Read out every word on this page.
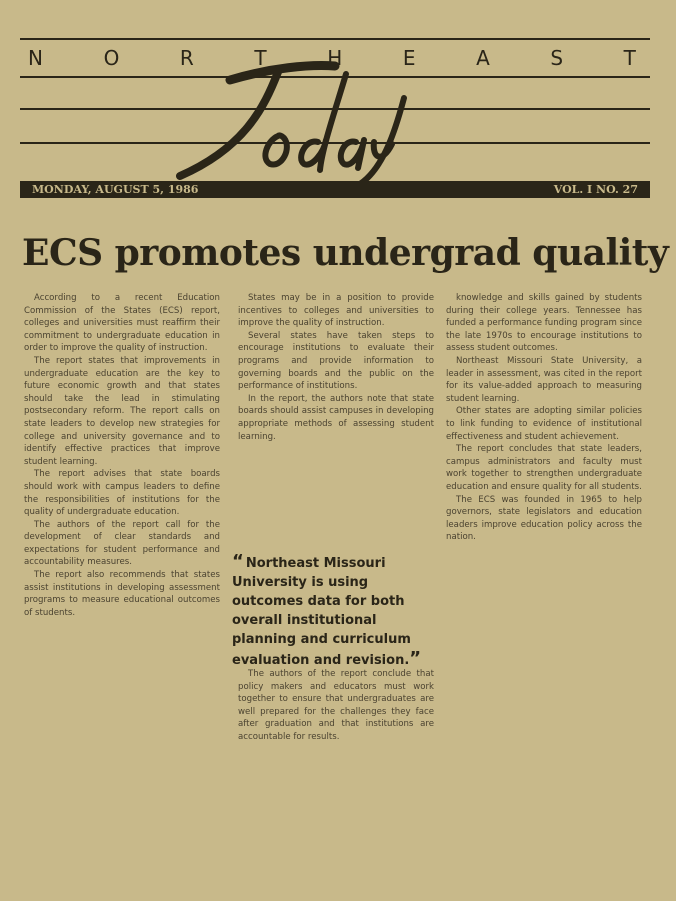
N	O	R	T	H	E	A	S	T
MONDAY, AUGUST 5, 1986	VOL. I NO. 27
ECS promotes undergrad quality

According to a recent Education Commission of the States (ECS) report, colleges and universities must reaffirm their commitment to undergraduate education in order to improve the quality of instruction.

The report states that improvements in undergraduate education are the key to future economic growth and that states should take the lead in stimulating postsecondary reform. The report calls on state leaders to develop new strategies for college and university governance and to identify effective practices that improve student learning.

The report advises that state boards should work with campus leaders to define the responsibilities of institutions for the quality of undergraduate education.

The authors of the report call for the development of clear standards and expectations for student performance and accountability measures.

The report also recommends that states assist institutions in developing assessment programs to measure educational outcomes of students.

States may be in a position to provide incentives to colleges and universities to improve the quality of instruction.

Several states have taken steps to encourage institutions to evaluate their programs and provide information to governing boards and the public on the performance of institutions.

In the report, the authors note that state boards should assist campuses in developing appropriate methods of assessing student learning.

“ Northeast Missouri University is using outcomes data for both overall institutional planning and curriculum evaluation and revision.”

The authors of the report conclude that policy makers and educators must work together to ensure that undergraduates are well prepared for the challenges they face after graduation and that institutions are accountable for results.

knowledge and skills gained by students during their college years. Tennessee has funded a performance funding program since the late 1970s to encourage institutions to assess student outcomes.

Northeast Missouri State University, a leader in assessment, was cited in the report for its value-added approach to measuring student learning.

Other states are adopting similar policies to link funding to evidence of institutional effectiveness and student achievement.

The report concludes that state leaders, campus administrators and faculty must work together to strengthen undergraduate education and ensure quality for all students.

The ECS was founded in 1965 to help governors, state legislators and education leaders improve education policy across the nation.
